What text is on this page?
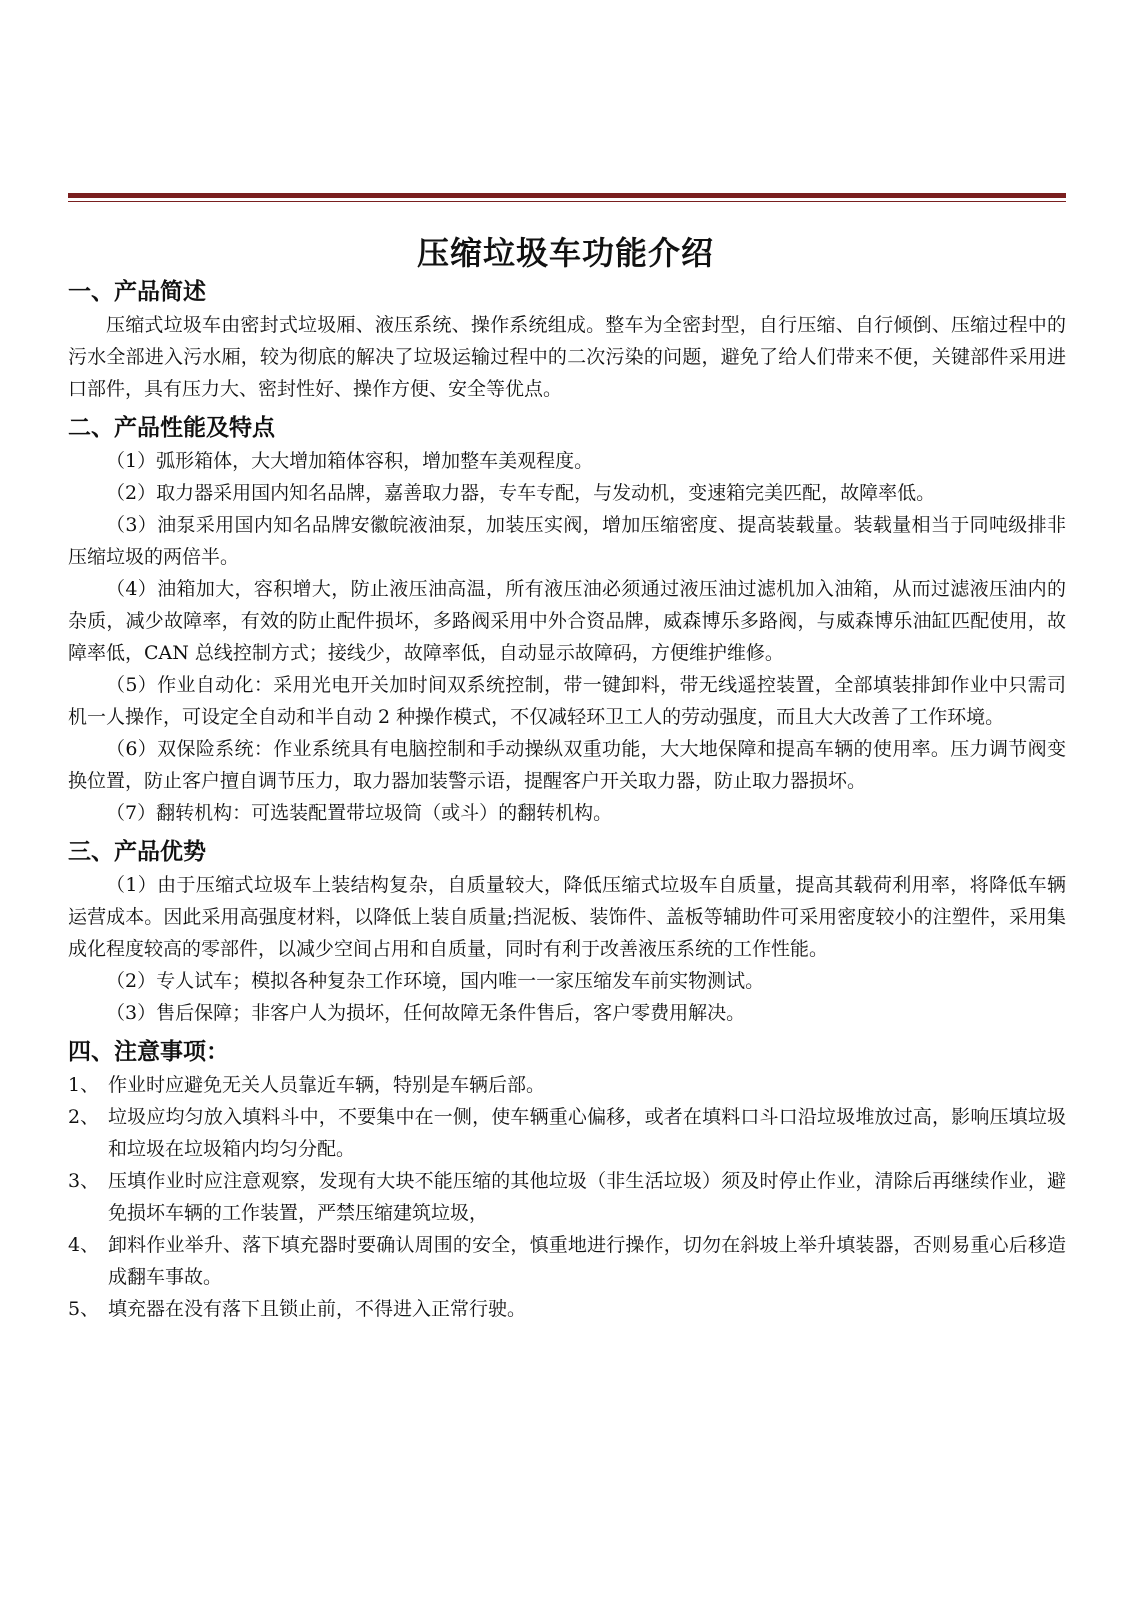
压缩垃圾车功能介绍
一、产品简述

压缩式垃圾车由密封式垃圾厢、液压系统、操作系统组成。整车为全密封型，自行压缩、自行倾倒、压缩过程中的污水全部进入污水厢，较为彻底的解决了垃圾运输过程中的二次污染的问题，避免了给人们带来不便，关键部件采用进口部件，具有压力大、密封性好、操作方便、安全等优点。

二、产品性能及特点

（1）弧形箱体，大大增加箱体容积，增加整车美观程度。

（2）取力器采用国内知名品牌，嘉善取力器，专车专配，与发动机，变速箱完美匹配，故障率低。

（3）油泵采用国内知名品牌安徽皖液油泵，加装压实阀，增加压缩密度、提高装载量。装载量相当于同吨级排非压缩垃圾的两倍半。

（4）油箱加大，容积增大，防止液压油高温，所有液压油必须通过液压油过滤机加入油箱，从而过滤液压油内的杂质，减少故障率，有效的防止配件损坏，多路阀采用中外合资品牌，威森博乐多路阀，与威森博乐油缸匹配使用，故障率低，CAN 总线控制方式；接线少，故障率低，自动显示故障码，方便维护维修。

（5）作业自动化：采用光电开关加时间双系统控制，带一键卸料，带无线遥控装置，全部填装排卸作业中只需司机一人操作，可设定全自动和半自动 2 种操作模式，不仅减轻环卫工人的劳动强度，而且大大改善了工作环境。

（6）双保险系统：作业系统具有电脑控制和手动操纵双重功能，大大地保障和提高车辆的使用率。压力调节阀变换位置，防止客户擅自调节压力，取力器加装警示语，提醒客户开关取力器，防止取力器损坏。

（7）翻转机构：可选装配置带垃圾筒（或斗）的翻转机构。

三、产品优势

（1）由于压缩式垃圾车上装结构复杂，自质量较大，降低压缩式垃圾车自质量，提高其载荷利用率，将降低车辆运营成本。因此采用高强度材料，以降低上装自质量;挡泥板、装饰件、盖板等辅助件可采用密度较小的注塑件，采用集成化程度较高的零部件，以减少空间占用和自质量，同时有利于改善液压系统的工作性能。

（2）专人试车；模拟各种复杂工作环境，国内唯一一家压缩发车前实物测试。

（3）售后保障；非客户人为损坏，任何故障无条件售后，客户零费用解决。

四、注意事项：
1、 作业时应避免无关人员靠近车辆，特别是车辆后部。
2、 垃圾应均匀放入填料斗中，不要集中在一侧，使车辆重心偏移，或者在填料口斗口沿垃圾堆放过高，影响压填垃圾和垃圾在垃圾箱内均匀分配。
3、 压填作业时应注意观察，发现有大块不能压缩的其他垃圾（非生活垃圾）须及时停止作业，清除后再继续作业，避免损坏车辆的工作装置，严禁压缩建筑垃圾，
4、 卸料作业举升、落下填充器时要确认周围的安全，慎重地进行操作，切勿在斜坡上举升填装器，否则易重心后移造成翻车事故。
5、 填充器在没有落下且锁止前，不得进入正常行驶。
